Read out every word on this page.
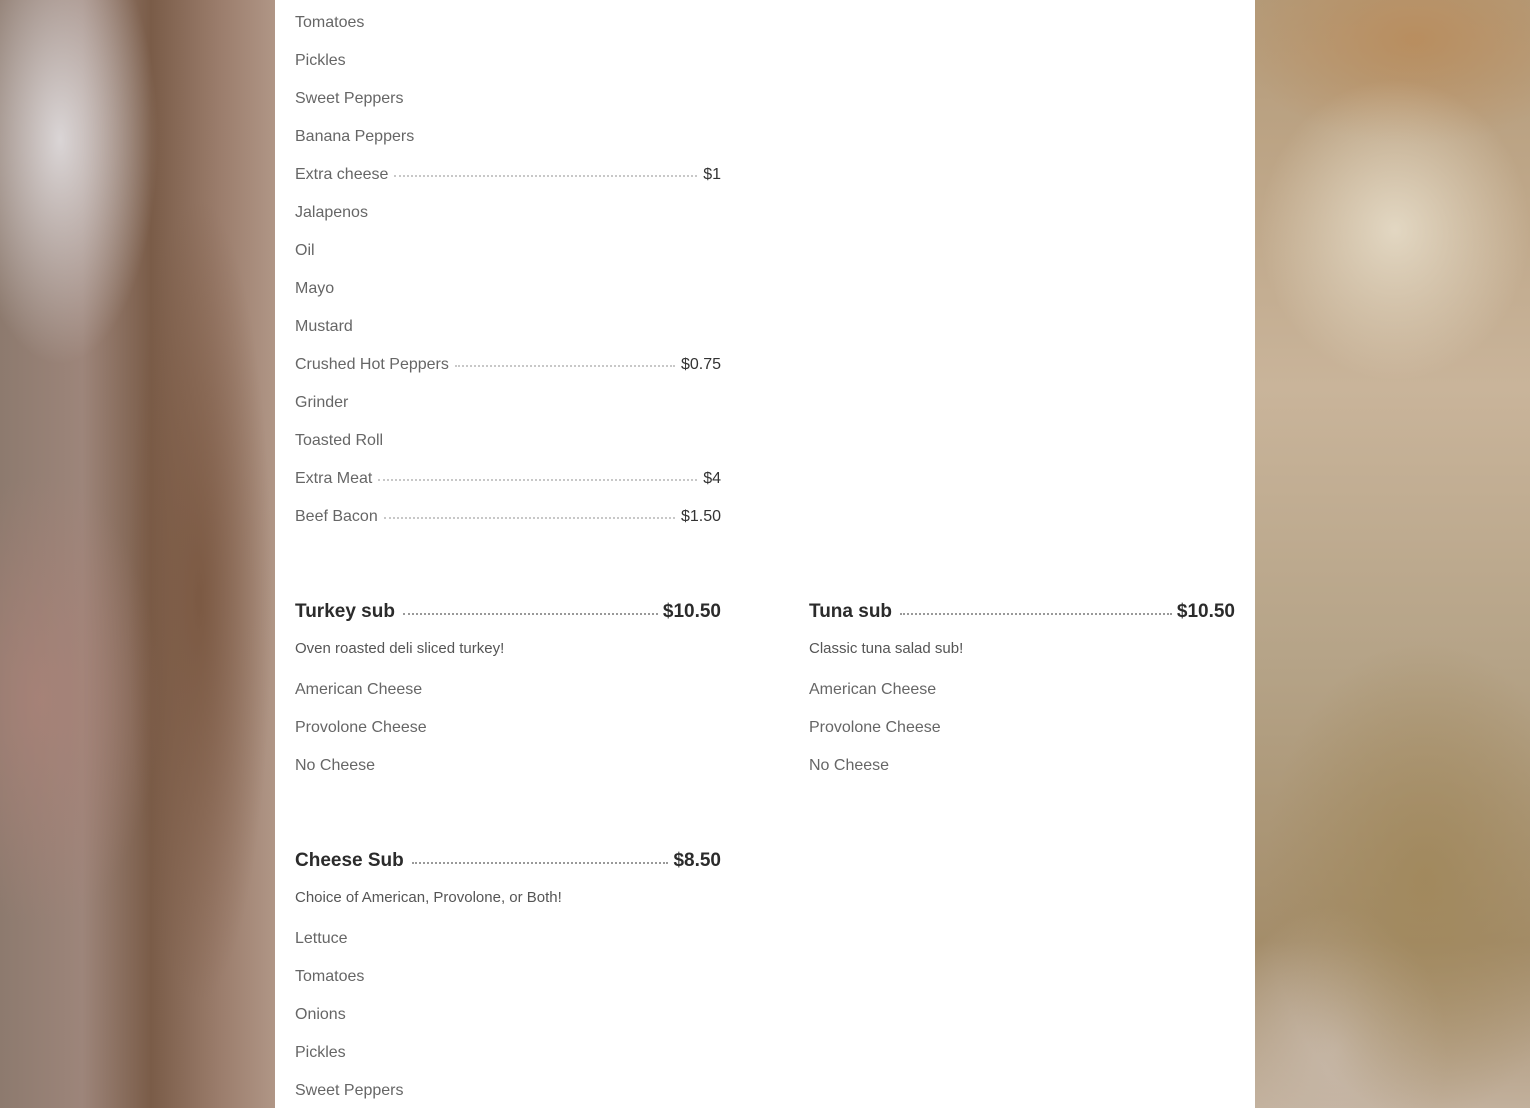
Tomatoes
Pickles
Sweet Peppers
Banana Peppers
Extra cheese	$1
Jalapenos
Oil
Mayo
Mustard
Crushed Hot Peppers	$0.75
Grinder
Toasted Roll
Extra Meat	$4
Beef Bacon	$1.50
Turkey sub	$10.50
Oven roasted deli sliced turkey!
American Cheese
Provolone Cheese
No Cheese
Tuna sub	$10.50
Classic tuna salad sub!
American Cheese
Provolone Cheese
No Cheese
Cheese Sub	$8.50
Choice of American, Provolone, or Both!
Lettuce
Tomatoes
Onions
Pickles
Sweet Peppers
